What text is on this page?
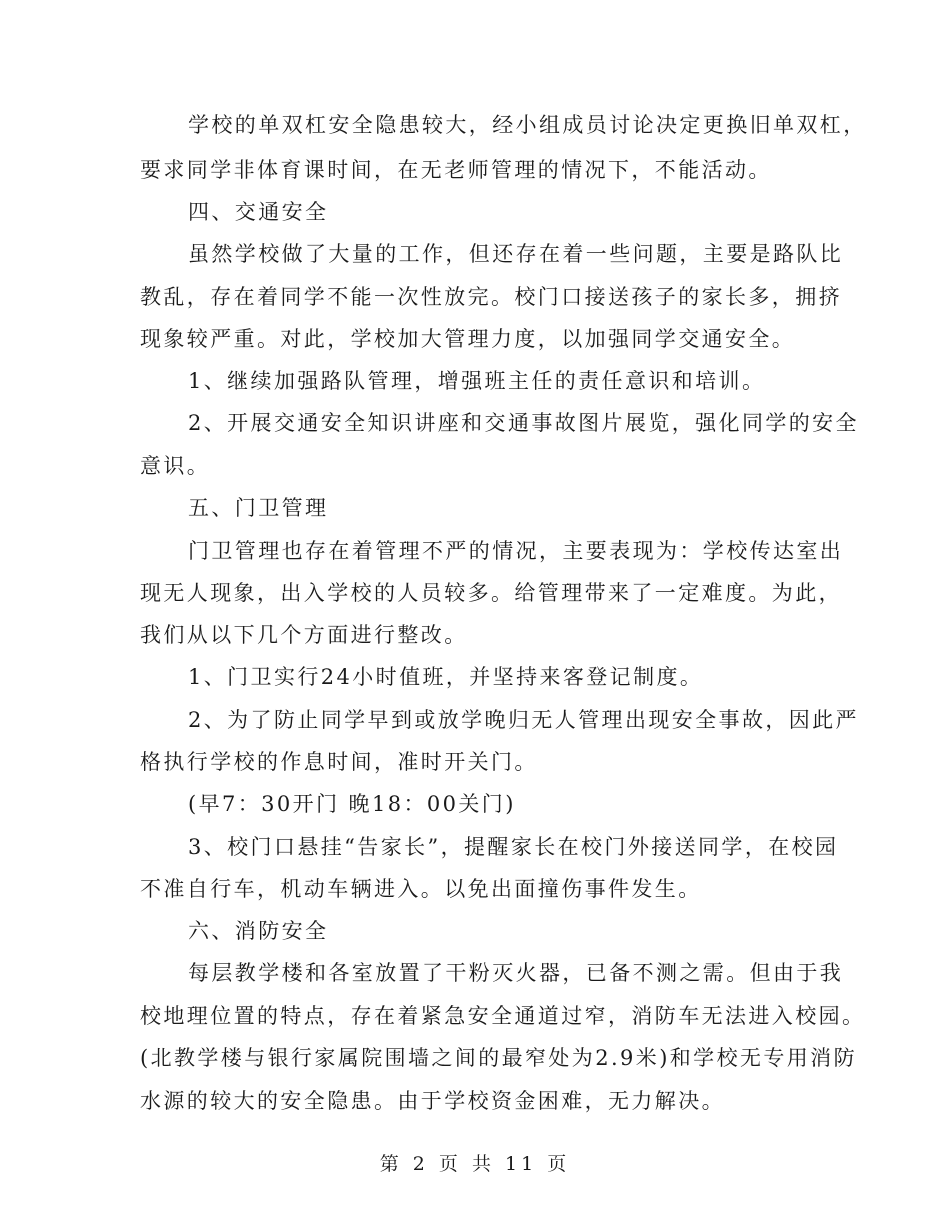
学校的单双杠安全隐患较大，经小组成员讨论决定更换旧单双杠，
要求同学非体育课时间，在无老师管理的情况下，不能活动。
四、交通安全
虽然学校做了大量的工作，但还存在着一些问题，主要是路队比
教乱，存在着同学不能一次性放完。校门口接送孩子的家长多，拥挤
现象较严重。对此，学校加大管理力度，以加强同学交通安全。
1、继续加强路队管理，增强班主任的责任意识和培训。
2、开展交通安全知识讲座和交通事故图片展览，强化同学的安全
意识。
五、门卫管理
门卫管理也存在着管理不严的情况，主要表现为：学校传达室出
现无人现象，出入学校的人员较多。给管理带来了一定难度。为此，
我们从以下几个方面进行整改。
1、门卫实行24小时值班，并坚持来客登记制度。
2、为了防止同学早到或放学晚归无人管理出现安全事故，因此严
格执行学校的作息时间，准时开关门。
(早7：30开门 晚18：00关门)
3、校门口悬挂“告家长”，提醒家长在校门外接送同学，在校园
不准自行车，机动车辆进入。以免出面撞伤事件发生。
六、消防安全
每层教学楼和各室放置了干粉灭火器，已备不测之需。但由于我
校地理位置的特点，存在着紧急安全通道过窄，消防车无法进入校园。
(北教学楼与银行家属院围墙之间的最窄处为2.9米)和学校无专用消防
水源的较大的安全隐患。由于学校资金困难，无力解决。
第 2 页 共 11 页
